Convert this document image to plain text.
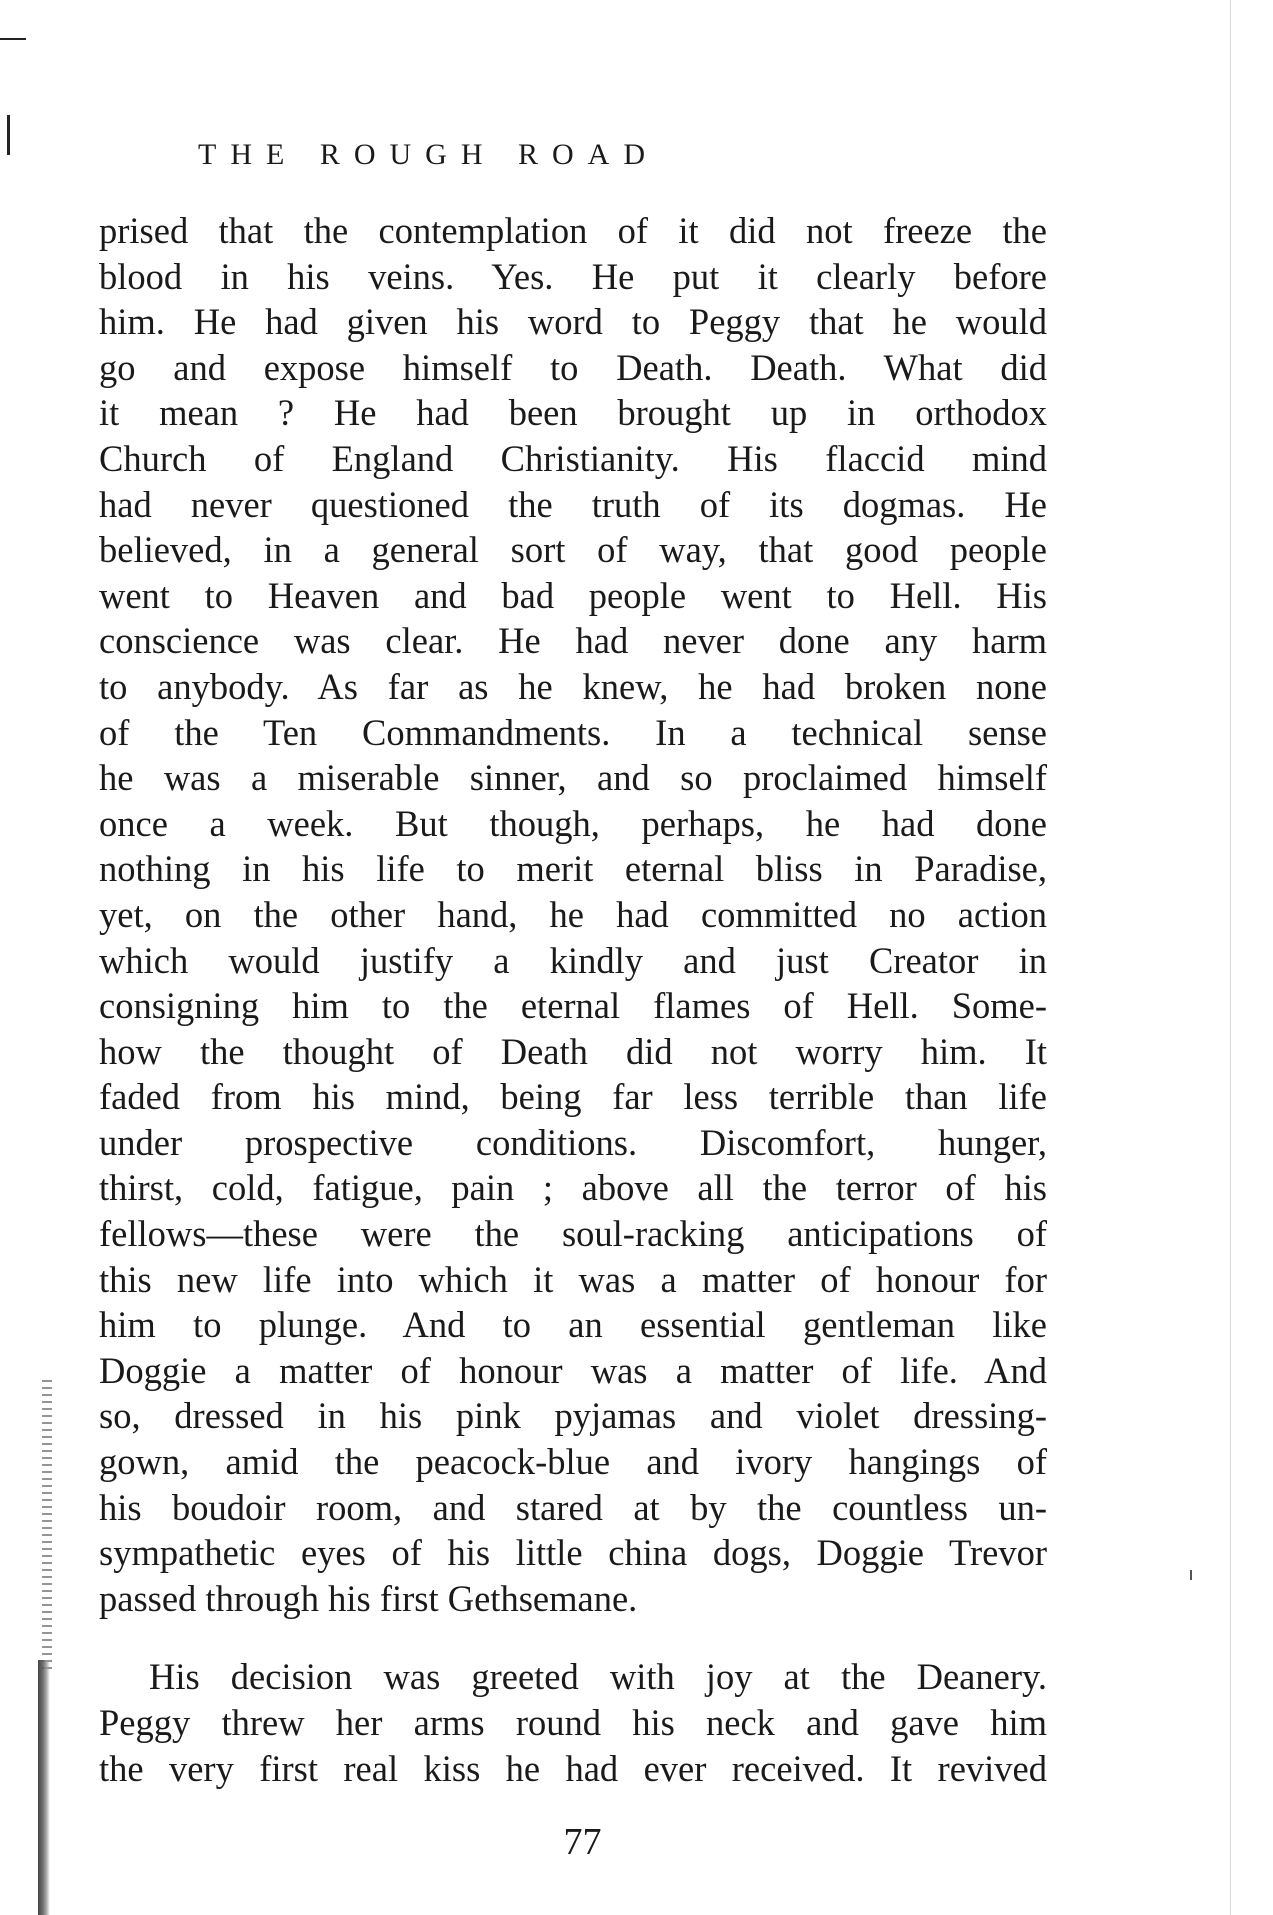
THE ROUGH ROAD
prised that the contemplation of it did not freeze the
blood in his veins. Yes. He put it clearly before
him. He had given his word to Peggy that he would
go and expose himself to Death. Death. What did
it mean ? He had been brought up in orthodox
Church of England Christianity. His flaccid mind
had never questioned the truth of its dogmas. He
believed, in a general sort of way, that good people
went to Heaven and bad people went to Hell. His
conscience was clear. He had never done any harm
to anybody. As far as he knew, he had broken none
of the Ten Commandments. In a technical sense
he was a miserable sinner, and so proclaimed himself
once a week. But though, perhaps, he had done
nothing in his life to merit eternal bliss in Paradise,
yet, on the other hand, he had committed no action
which would justify a kindly and just Creator in
consigning him to the eternal flames of Hell. Some-
how the thought of Death did not worry him. It
faded from his mind, being far less terrible than life
under prospective conditions. Discomfort, hunger,
thirst, cold, fatigue, pain ; above all the terror of his
fellows—these were the soul-racking anticipations of
this new life into which it was a matter of honour for
him to plunge. And to an essential gentleman like
Doggie a matter of honour was a matter of life. And
so, dressed in his pink pyjamas and violet dressing-
gown, amid the peacock-blue and ivory hangings of
his boudoir room, and stared at by the countless un-
sympathetic eyes of his little china dogs, Doggie Trevor
passed through his first Gethsemane.
His decision was greeted with joy at the Deanery.
Peggy threw her arms round his neck and gave him
the very first real kiss he had ever received. It revived
77
